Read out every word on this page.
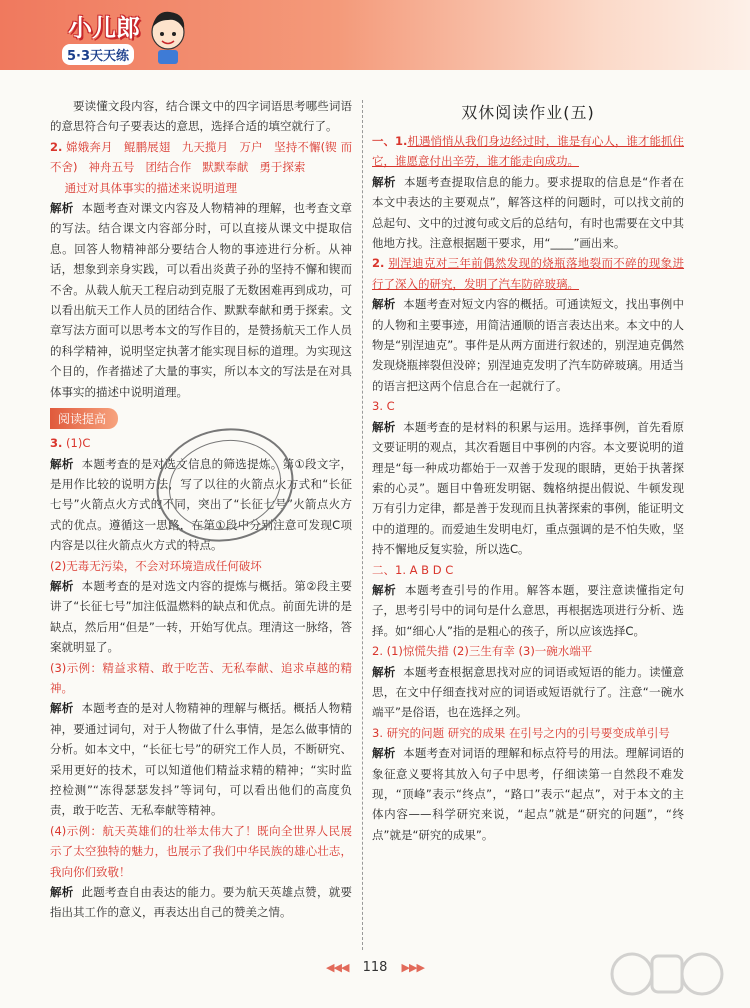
小儿郎
5·3天天练

要读懂文段内容，结合课文中的四字词语思考哪些词语的意思符合句子要表达的意思，选择合适的填空就行了。

2. 嫦娥奔月 鲲鹏展翅 九天揽月 万户 坚持不懈(锲 而不舍) 神舟五号 团结合作 默默奉献 勇于探索
通过对具体事实的描述来说明道理

解析 本题考查对课文内容及人物精神的理解，也考查文章的写法。结合课文内容部分时，可以直接从课文中提取信息。回答人物精神部分要结合人物的事迹进行分析。从神话，想象到亲身实践，可以看出炎黄子孙的坚持不懈和锲而不舍。从载人航天工程启动到克服了无数困难再到成功，可以看出航天工作人员的团结合作、默默奉献和勇于探索。文章写法方面可以思考本文的写作目的，是赞扬航天工作人员的科学精神，说明坚定执著才能实现目标的道理。为实现这个目的，作者描述了大量的事实，所以本文的写法是在对具体事实的描述中说明道理。

阅读提高

3. (1)C

解析 本题考查的是对选文信息的筛选提炼。第①段文字，是用作比较的说明方法，写了以往的火箭点火方式和“长征七号”火箭点火方式的不同，突出了“长征七号”火箭点火方式的优点。遵循这一思路，在第①段中分别注意可发现C项内容是以往火箭点火方式的特点。

(2)无毒无污染，不会对环境造成任何破坏

解析 本题考查的是对选文内容的提炼与概括。第②段主要讲了“长征七号”加注低温燃料的缺点和优点。前面先讲的是缺点，然后用“但是”一转，开始写优点。理清这一脉络，答案就明显了。

(3)示例：精益求精、敢于吃苦、无私奉献、追求卓越的精神。

解析 本题考查的是对人物精神的理解与概括。概括人物精神，要通过词句，对于人物做了什么事情，是怎么做事情的分析。如本文中，“长征七号”的研究工作人员，不断研究、采用更好的技术，可以知道他们精益求精的精神；“实时监控检测”“冻得瑟瑟发抖”等词句，可以看出他们的高度负责，敢于吃苦、无私奉献等精神。

(4)示例：航天英雄们的壮举太伟大了！既向全世界人民展示了太空独特的魅力，也展示了我们中华民族的雄心壮志，我向你们致敬！

解析 此题考查自由表达的能力。要为航天英雄点赞，就要指出其工作的意义，再表达出自己的赞美之情。

双休阅读作业(五)

一、1.机遇悄悄从我们身边经过时，谁是有心人，谁才能抓住它，谁愿意付出辛劳，谁才能走向成功。

解析 本题考查提取信息的能力。要求提取的信息是“作者在本文中表达的主要观点”，解答这样的问题时，可以找文前的总起句、文中的过渡句或文后的总结句，有时也需要在文中其他地方找。注意根据题干要求，用“____”画出来。

2. 别涅迪克对三年前偶然发现的烧瓶落地裂而不碎的现象进行了深入的研究，发明了汽车防碎玻璃。

解析 本题考查对短文内容的概括。可通读短文，找出事例中的人物和主要事迹，用简洁通顺的语言表达出来。本文中的人物是“别涅迪克”。事件是从两方面进行叙述的，别涅迪克偶然发现烧瓶摔裂但没碎；别涅迪克发明了汽车防碎玻璃。用适当的语言把这两个信息合在一起就行了。

3. C

解析 本题考查的是材料的积累与运用。选择事例，首先看原文要证明的观点，其次看题目中事例的内容。本文要说明的道理是“每一种成功都始于一双善于发现的眼睛，更始于执著探索的心灵”。题目中鲁班发明锯、魏格纳提出假说、牛顿发现万有引力定律，都是善于发现而且执著探索的事例，能证明文中的道理的。而爱迪生发明电灯，重点强调的是不怕失败，坚持不懈地反复实验，所以选C。

二、1. A B D C

解析 本题考查引号的作用。解答本题，要注意读懂指定句子，思考引号中的词句是什么意思，再根据选项进行分析、选择。如“细心人”指的是粗心的孩子，所以应该选择C。

2. (1)惊慌失措 (2)三生有幸 (3)一碗水端平

解析 本题考查根据意思找对应的词语或短语的能力。读懂意思，在文中仔细查找对应的词语或短语就行了。注意“一碗水端平”是俗语，也在选择之列。

3. 研究的问题 研究的成果 在引号之内的引号要变成单引号

解析 本题考查对词语的理解和标点符号的用法。理解词语的象征意义要将其放入句子中思考，仔细读第一自然段不难发现，“顶峰”表示“终点”，“路口”表示“起点”，对于本文的主体内容——科学研究来说，“起点”就是“研究的问题”，“终点”就是“研究的成果”。

◀◀◀ 118 ▶▶▶
